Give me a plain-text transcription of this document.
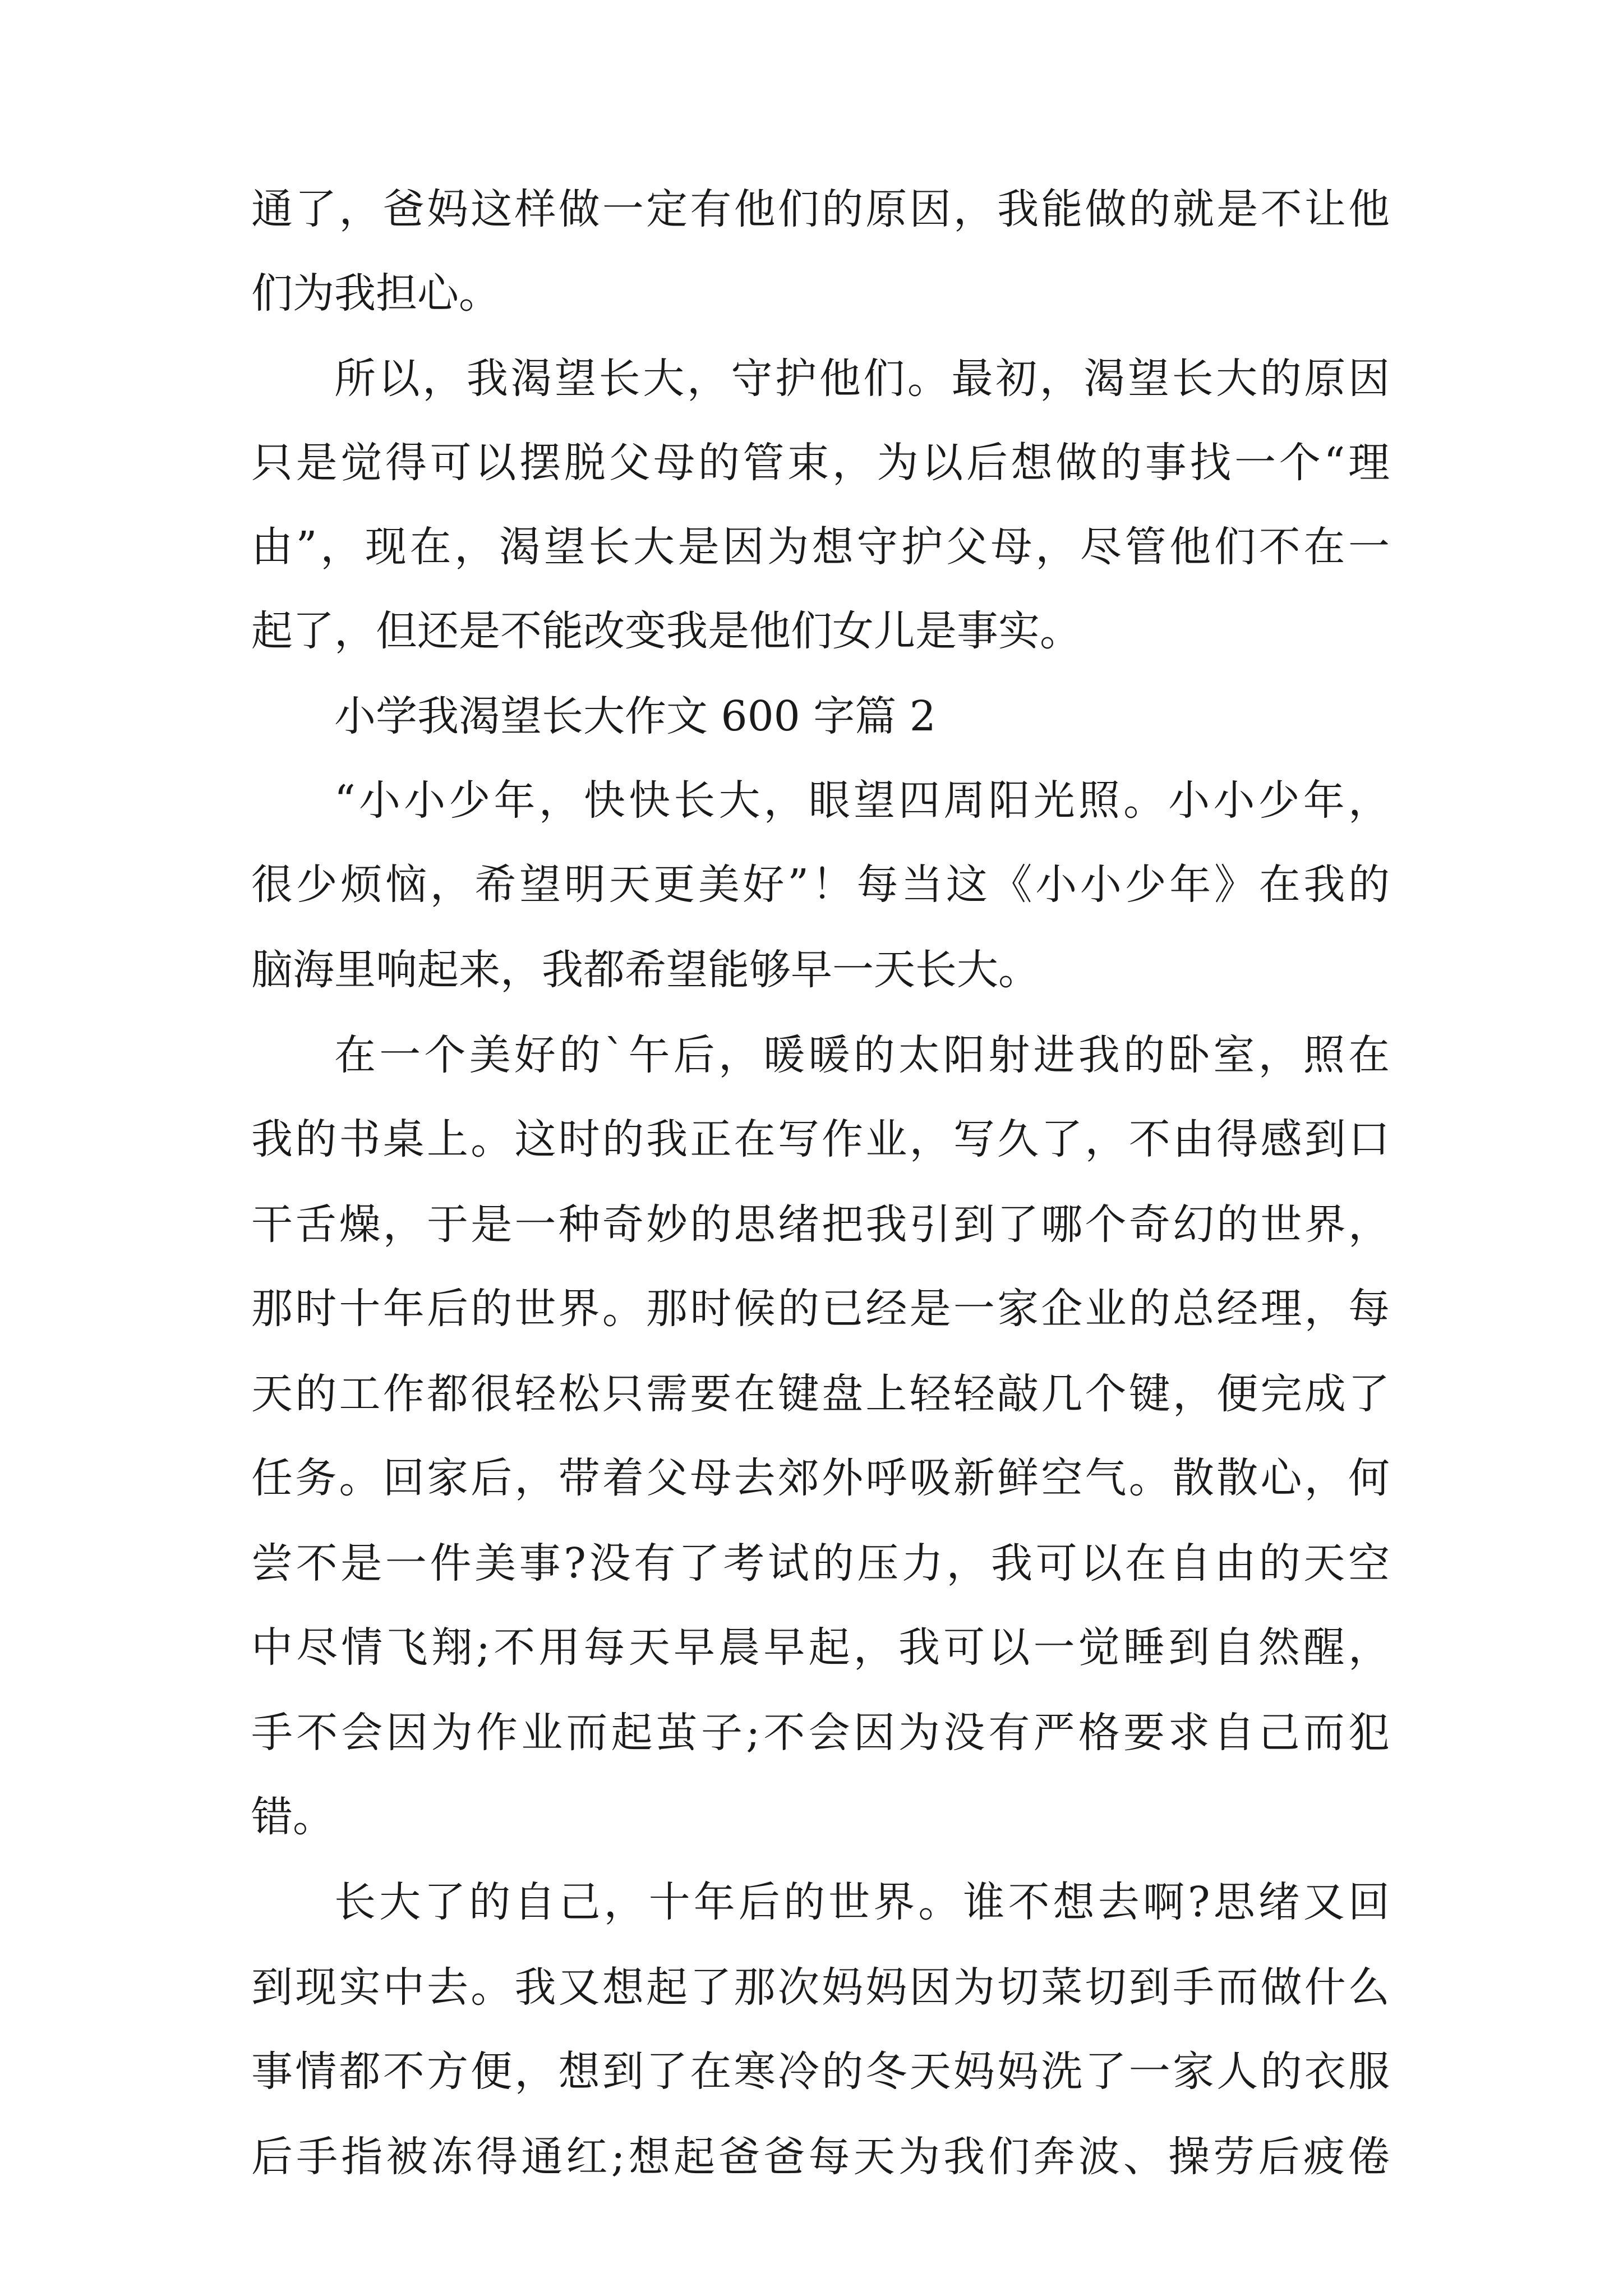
通了，爸妈这样做一定有他们的原因，我能做的就是不让他
们为我担心。
所以，我渴望长大，守护他们。最初，渴望长大的原因
只是觉得可以摆脱父母的管束，为以后想做的事找一个“理
由”，现在，渴望长大是因为想守护父母，尽管他们不在一
起了，但还是不能改变我是他们女儿是事实。
小学我渴望长大作文 600 字篇 2
“小小少年，快快长大，眼望四周阳光照。小小少年，
很少烦恼，希望明天更美好”！每当这《小小少年》在我的
脑海里响起来，我都希望能够早一天长大。
在一个美好的`午后，暖暖的太阳射进我的卧室，照在
我的书桌上。这时的我正在写作业，写久了，不由得感到口
干舌燥，于是一种奇妙的思绪把我引到了哪个奇幻的世界，
那时十年后的世界。那时候的已经是一家企业的总经理，每
天的工作都很轻松只需要在键盘上轻轻敲几个键，便完成了
任务。回家后，带着父母去郊外呼吸新鲜空气。散散心，何
尝不是一件美事?没有了考试的压力，我可以在自由的天空
中尽情飞翔;不用每天早晨早起，我可以一觉睡到自然醒，
手不会因为作业而起茧子;不会因为没有严格要求自己而犯
错。
长大了的自己，十年后的世界。谁不想去啊?思绪又回
到现实中去。我又想起了那次妈妈因为切菜切到手而做什么
事情都不方便，想到了在寒冷的冬天妈妈洗了一家人的衣服
后手指被冻得通红;想起爸爸每天为我们奔波、操劳后疲倦
